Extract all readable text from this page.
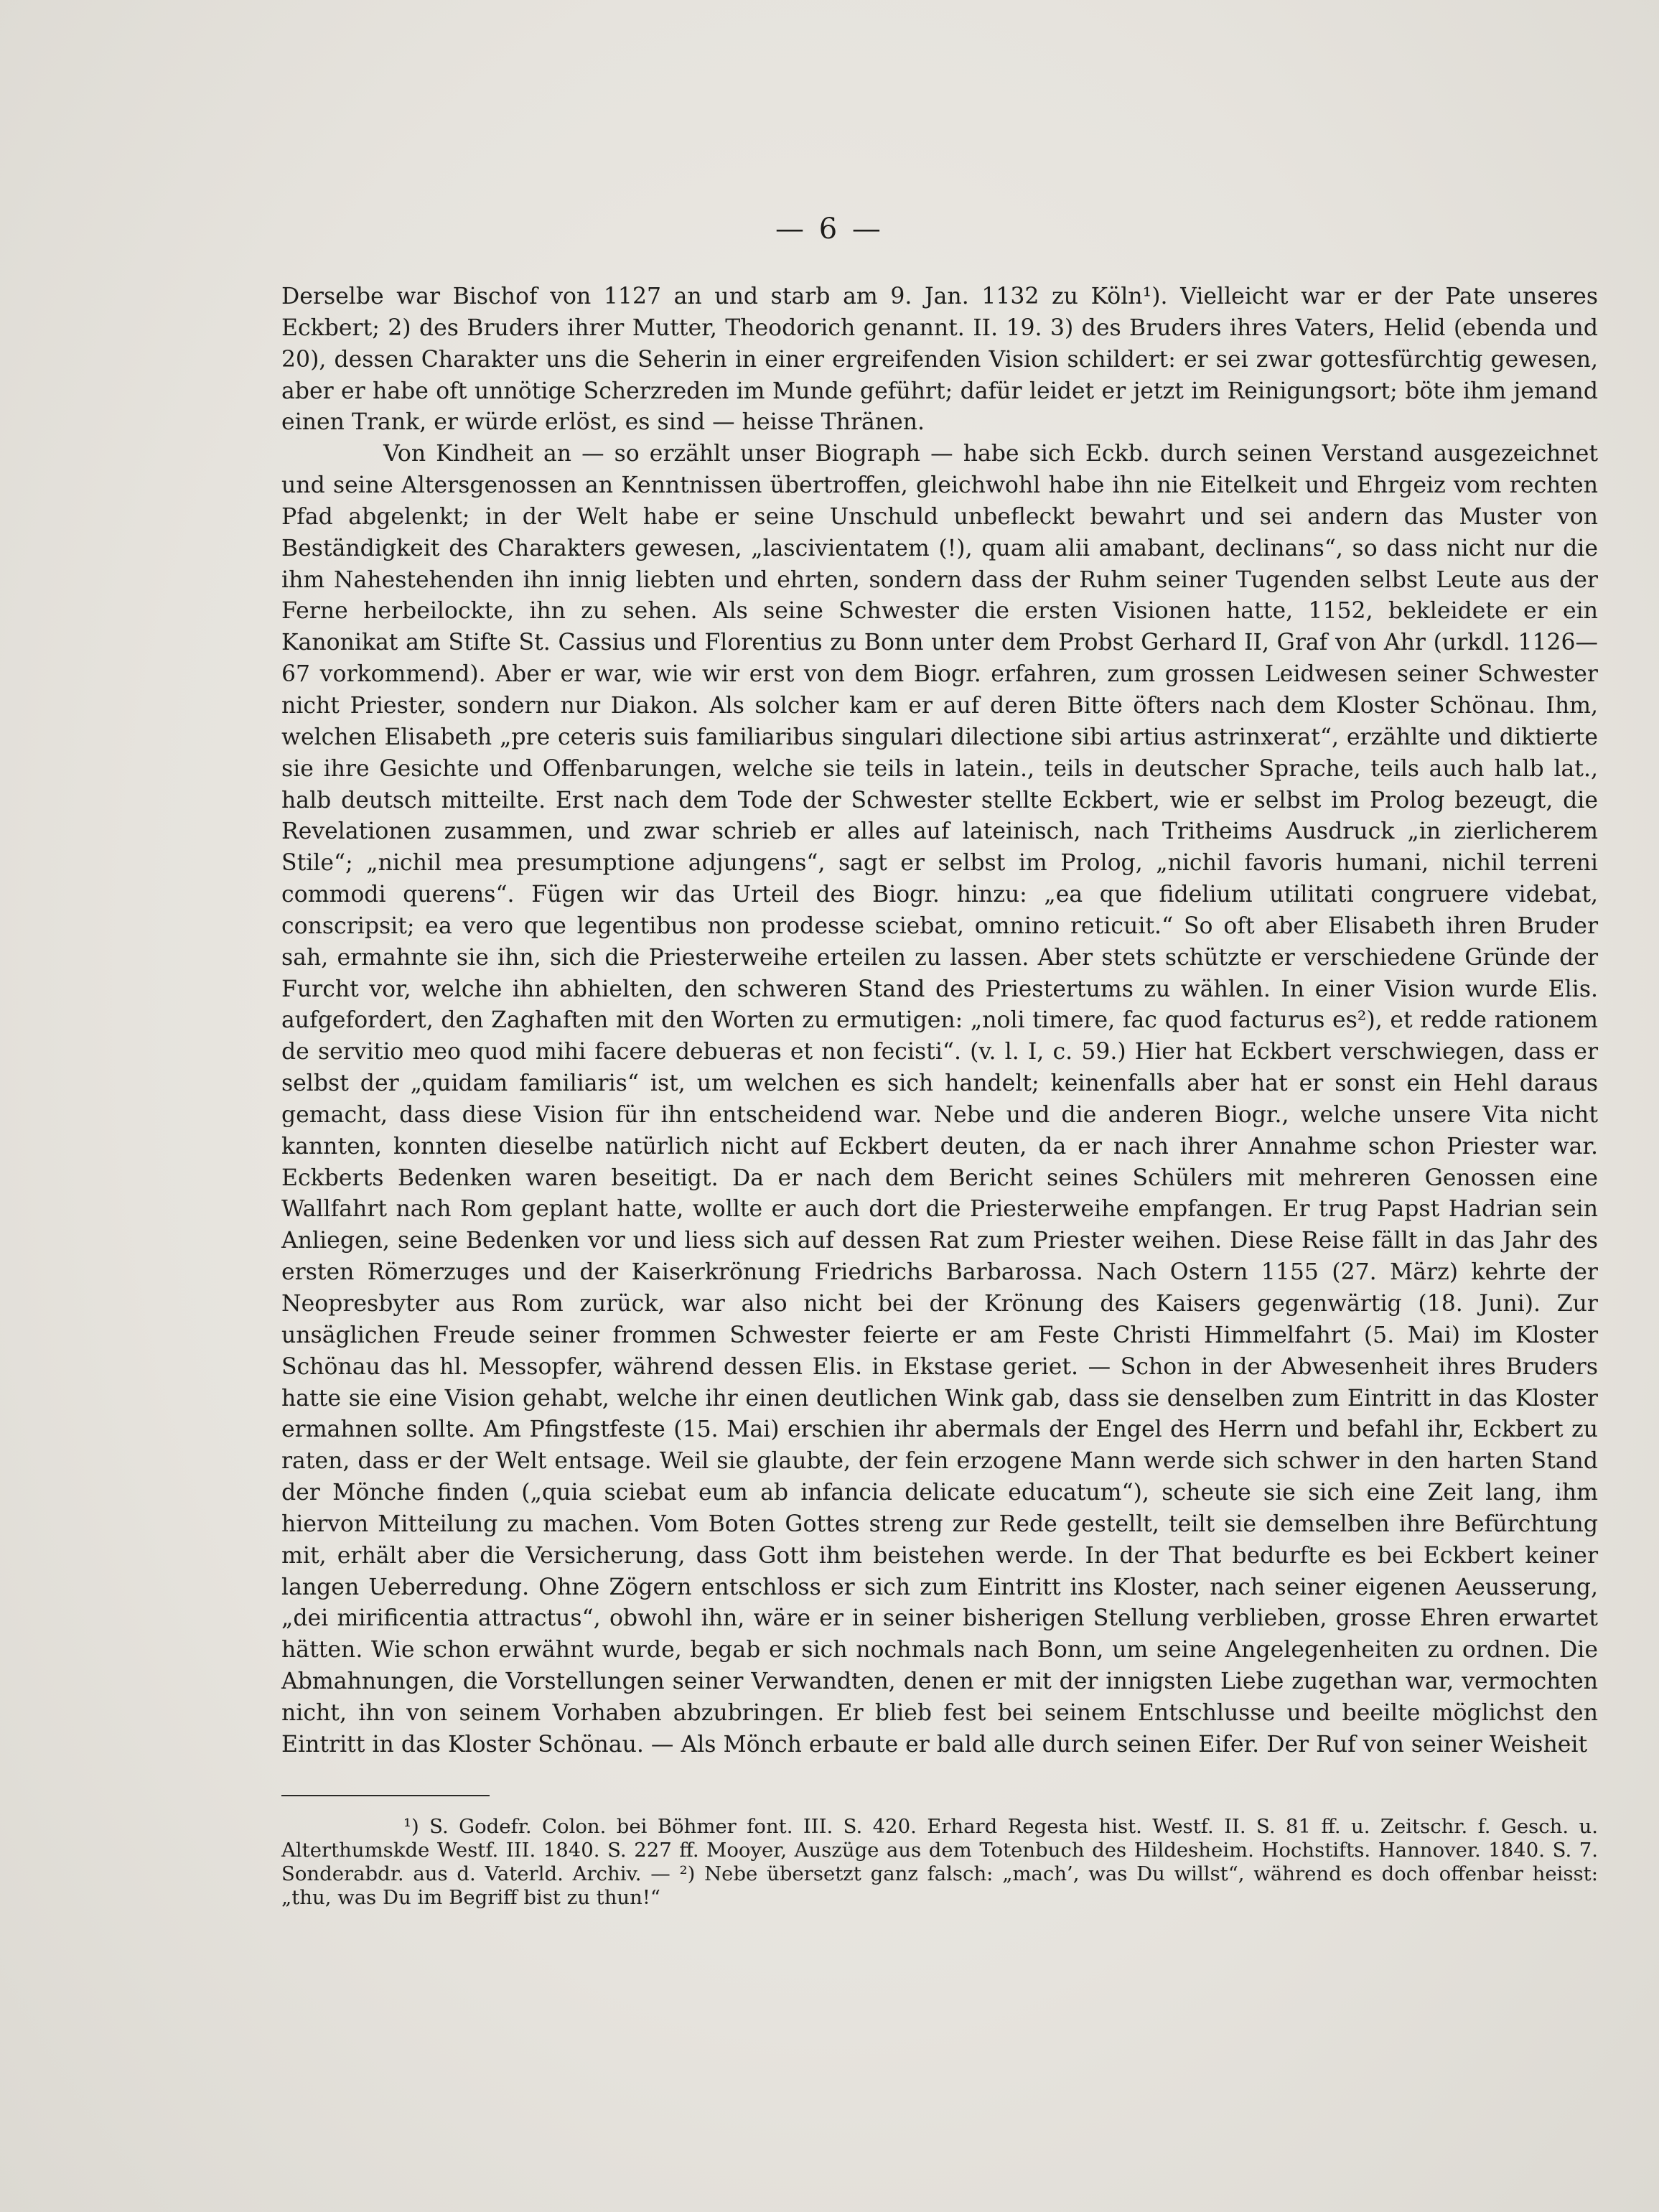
— 6 —

Derselbe war Bischof von 1127 an und starb am 9. Jan. 1132 zu Köln¹). Vielleicht war er der Pate unseres Eckbert; 2) des Bruders ihrer Mutter, Theodorich genannt. II. 19. 3) des Bruders ihres Vaters, Helid (ebenda und 20), dessen Charakter uns die Seherin in einer ergreifenden Vision schildert: er sei zwar gottesfürchtig gewesen, aber er habe oft unnötige Scherzreden im Munde geführt; dafür leidet er jetzt im Reinigungsort; böte ihm jemand einen Trank, er würde erlöst, es sind — heisse Thränen.

Von Kindheit an — so erzählt unser Biograph — habe sich Eckb. durch seinen Verstand ausgezeichnet und seine Altersgenossen an Kenntnissen übertroffen, gleichwohl habe ihn nie Eitelkeit und Ehrgeiz vom rechten Pfad abgelenkt; in der Welt habe er seine Unschuld unbefleckt bewahrt und sei andern das Muster von Beständigkeit des Charakters gewesen, „lascivientatem (!), quam alii amabant, declinans“, so dass nicht nur die ihm Nahestehenden ihn innig liebten und ehrten, sondern dass der Ruhm seiner Tugenden selbst Leute aus der Ferne herbeilockte, ihn zu sehen. Als seine Schwester die ersten Visionen hatte, 1152, bekleidete er ein Kanonikat am Stifte St. Cassius und Florentius zu Bonn unter dem Probst Gerhard II, Graf von Ahr (urkdl. 1126—67 vorkommend). Aber er war, wie wir erst von dem Biogr. erfahren, zum grossen Leidwesen seiner Schwester nicht Priester, sondern nur Diakon. Als solcher kam er auf deren Bitte öfters nach dem Kloster Schönau. Ihm, welchen Elisabeth „pre ceteris suis familiaribus singulari dilectione sibi artius astrinxerat“, erzählte und diktierte sie ihre Gesichte und Offenbarungen, welche sie teils in latein., teils in deutscher Sprache, teils auch halb lat., halb deutsch mitteilte. Erst nach dem Tode der Schwester stellte Eckbert, wie er selbst im Prolog bezeugt, die Revelationen zusammen, und zwar schrieb er alles auf lateinisch, nach Tritheims Ausdruck „in zierlicherem Stile“; „nichil mea presumptione adjungens“, sagt er selbst im Prolog, „nichil favoris humani, nichil terreni commodi querens“. Fügen wir das Urteil des Biogr. hinzu: „ea que fidelium utilitati congruere videbat, conscripsit; ea vero que legentibus non prodesse sciebat, omnino reticuit.“ So oft aber Elisabeth ihren Bruder sah, ermahnte sie ihn, sich die Priesterweihe erteilen zu lassen. Aber stets schützte er verschiedene Gründe der Furcht vor, welche ihn abhielten, den schweren Stand des Priestertums zu wählen. In einer Vision wurde Elis. aufgefordert, den Zaghaften mit den Worten zu ermutigen: „noli timere, fac quod facturus es²), et redde rationem de servitio meo quod mihi facere debueras et non fecisti“. (v. l. I, c. 59.) Hier hat Eckbert verschwiegen, dass er selbst der „quidam familiaris“ ist, um welchen es sich handelt; keinenfalls aber hat er sonst ein Hehl daraus gemacht, dass diese Vision für ihn entscheidend war. Nebe und die anderen Biogr., welche unsere Vita nicht kannten, konnten dieselbe natürlich nicht auf Eckbert deuten, da er nach ihrer Annahme schon Priester war. Eckberts Bedenken waren beseitigt. Da er nach dem Bericht seines Schülers mit mehreren Genossen eine Wallfahrt nach Rom geplant hatte, wollte er auch dort die Priesterweihe empfangen. Er trug Papst Hadrian sein Anliegen, seine Bedenken vor und liess sich auf dessen Rat zum Priester weihen. Diese Reise fällt in das Jahr des ersten Römerzuges und der Kaiserkrönung Friedrichs Barbarossa. Nach Ostern 1155 (27. März) kehrte der Neopresbyter aus Rom zurück, war also nicht bei der Krönung des Kaisers gegenwärtig (18. Juni). Zur unsäglichen Freude seiner frommen Schwester feierte er am Feste Christi Himmelfahrt (5. Mai) im Kloster Schönau das hl. Messopfer, während dessen Elis. in Ekstase geriet. — Schon in der Abwesenheit ihres Bruders hatte sie eine Vision gehabt, welche ihr einen deutlichen Wink gab, dass sie denselben zum Eintritt in das Kloster ermahnen sollte. Am Pfingstfeste (15. Mai) erschien ihr abermals der Engel des Herrn und befahl ihr, Eckbert zu raten, dass er der Welt entsage. Weil sie glaubte, der fein erzogene Mann werde sich schwer in den harten Stand der Mönche finden („quia sciebat eum ab infancia delicate educatum“), scheute sie sich eine Zeit lang, ihm hiervon Mitteilung zu machen. Vom Boten Gottes streng zur Rede gestellt, teilt sie demselben ihre Befürchtung mit, erhält aber die Versicherung, dass Gott ihm beistehen werde. In der That bedurfte es bei Eckbert keiner langen Ueberredung. Ohne Zögern entschloss er sich zum Eintritt ins Kloster, nach seiner eigenen Aeusserung, „dei mirificentia attractus“, obwohl ihn, wäre er in seiner bisherigen Stellung verblieben, grosse Ehren erwartet hätten. Wie schon erwähnt wurde, begab er sich nochmals nach Bonn, um seine Angelegenheiten zu ordnen. Die Abmahnungen, die Vorstellungen seiner Verwandten, denen er mit der innigsten Liebe zugethan war, vermochten nicht, ihn von seinem Vorhaben abzubringen. Er blieb fest bei seinem Entschlusse und beeilte möglichst den Eintritt in das Kloster Schönau. — Als Mönch erbaute er bald alle durch seinen Eifer. Der Ruf von seiner Weisheit

¹) S. Godefr. Colon. bei Böhmer font. III. S. 420. Erhard Regesta hist. Westf. II. S. 81 ff. u. Zeitschr. f. Gesch. u. Alterthumskde Westf. III. 1840. S. 227 ff. Mooyer, Auszüge aus dem Totenbuch des Hildesheim. Hochstifts. Hannover. 1840. S. 7. Sonderabdr. aus d. Vaterld. Archiv. — ²) Nebe übersetzt ganz falsch: „mach’, was Du willst“, während es doch offenbar heisst: „thu, was Du im Begriff bist zu thun!“
